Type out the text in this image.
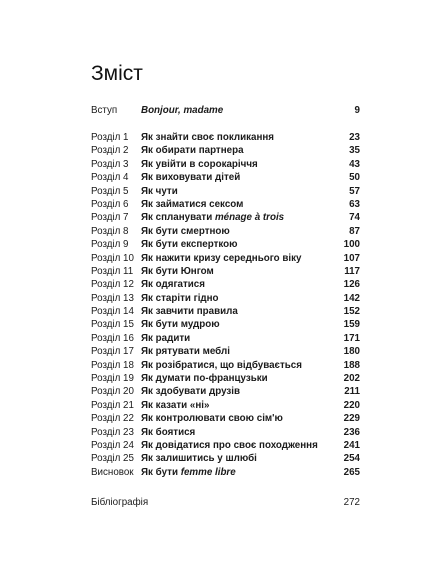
Зміст
Вступ	Bonjour, madame	9
Розділ 1	Як знайти своє покликання	23
Розділ 2	Як обирати партнера	35
Розділ 3	Як увійти в сорокаріччя	43
Розділ 4	Як виховувати дітей	50
Розділ 5	Як чути	57
Розділ 6	Як займатися сексом	63
Розділ 7	Як спланувати ménage à trois	74
Розділ 8	Як бути смертною	87
Розділ 9	Як бути експерткою	100
Розділ 10 Як нажити кризу середнього віку	107
Розділ 11 Як бути Юнгом	117
Розділ 12 Як одягатися	126
Розділ 13 Як старіти гідно	142
Розділ 14 Як завчити правила	152
Розділ 15 Як бути мудрою	159
Розділ 16 Як радити	171
Розділ 17 Як рятувати меблі	180
Розділ 18 Як розібратися, що відбувається	188
Розділ 19 Як думати по-французьки	202
Розділ 20 Як здобувати друзів	211
Розділ 21 Як казати «ні»	220
Розділ 22 Як контролювати свою сім'ю	229
Розділ 23 Як боятися	236
Розділ 24 Як довідатися про своє походження	241
Розділ 25 Як залишитись у шлюбі	254
Висновок Як бути femme libre	265
Бібліографія	272
